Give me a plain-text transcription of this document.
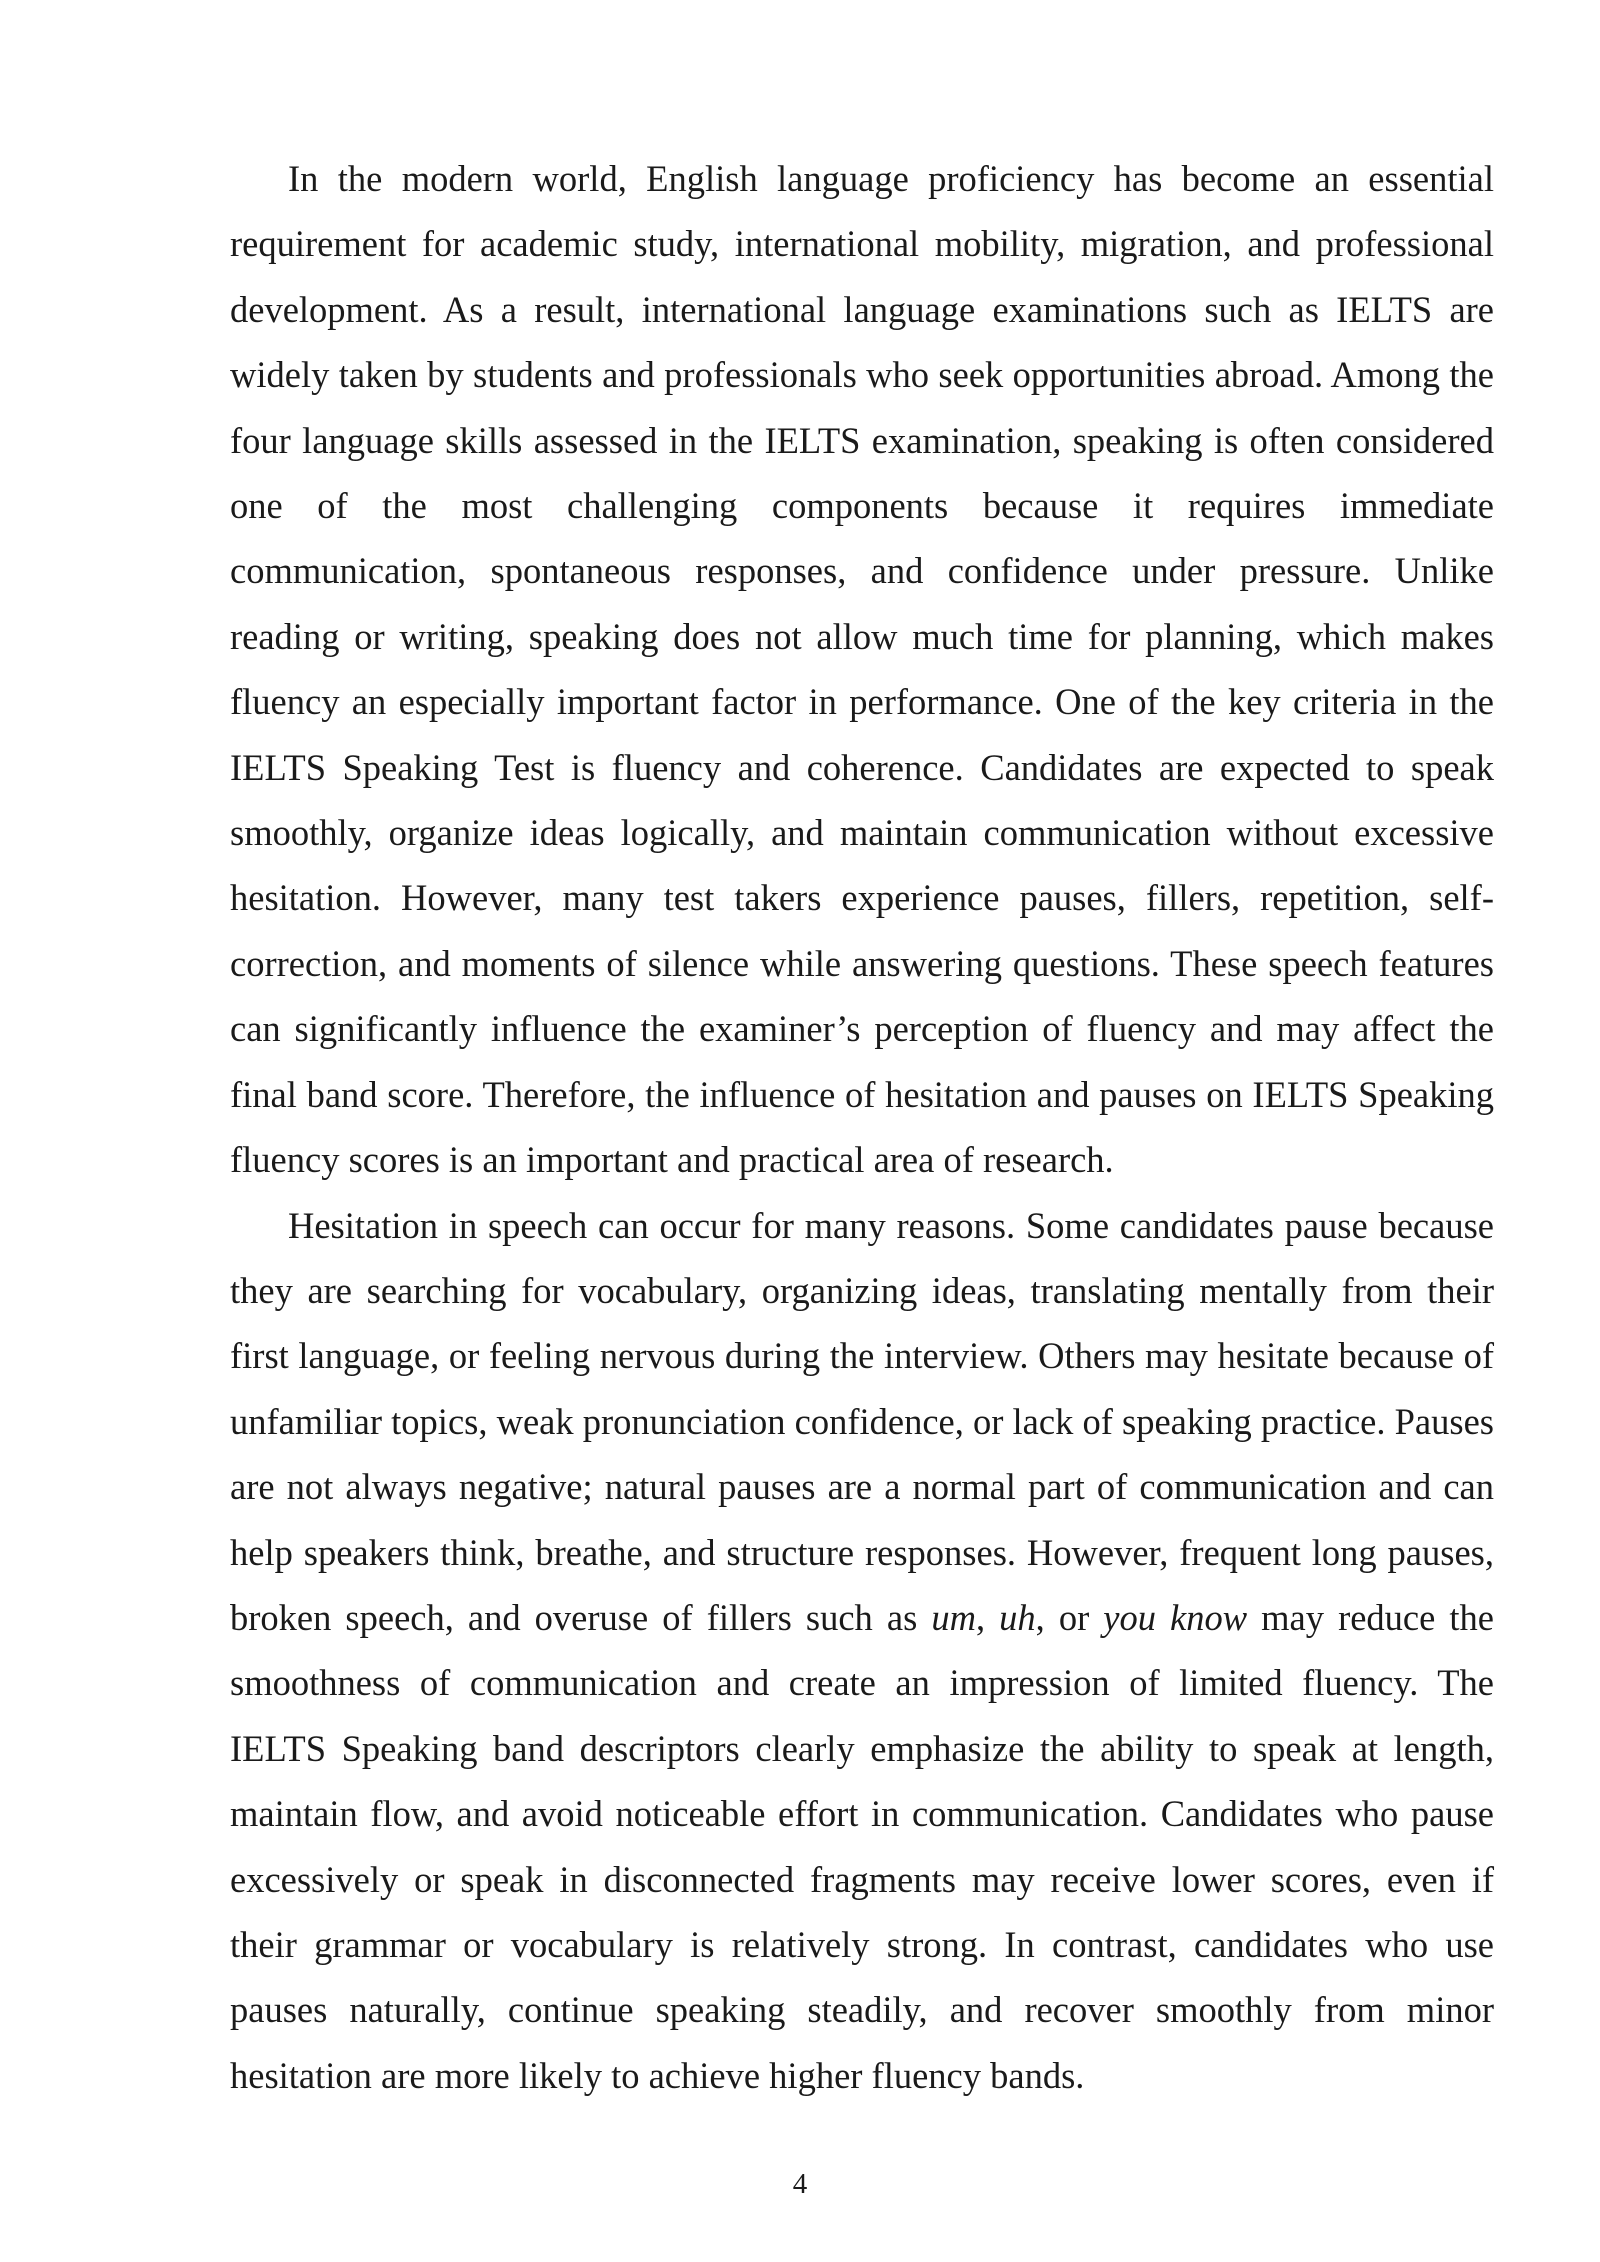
In the modern world, English language proficiency has become an essential requirement for academic study, international mobility, migration, and professional development. As a result, international language examinations such as IELTS are widely taken by students and professionals who seek opportunities abroad. Among the four language skills assessed in the IELTS examination, speaking is often considered one of the most challenging components because it requires immediate communication, spontaneous responses, and confidence under pressure. Unlike reading or writing, speaking does not allow much time for planning, which makes fluency an especially important factor in performance. One of the key criteria in the IELTS Speaking Test is fluency and coherence. Candidates are expected to speak smoothly, organize ideas logically, and maintain communication without excessive hesitation. However, many test takers experience pauses, fillers, repetition, self-correction, and moments of silence while answering questions. These speech features can significantly influence the examiner’s perception of fluency and may affect the final band score. Therefore, the influence of hesitation and pauses on IELTS Speaking fluency scores is an important and practical area of research.

Hesitation in speech can occur for many reasons. Some candidates pause because they are searching for vocabulary, organizing ideas, translating mentally from their first language, or feeling nervous during the interview. Others may hesitate because of unfamiliar topics, weak pronunciation confidence, or lack of speaking practice. Pauses are not always negative; natural pauses are a normal part of communication and can help speakers think, breathe, and structure responses. However, frequent long pauses, broken speech, and overuse of fillers such as um, uh, or you know may reduce the smoothness of communication and create an impression of limited fluency. The IELTS Speaking band descriptors clearly emphasize the ability to speak at length, maintain flow, and avoid noticeable effort in communication. Candidates who pause excessively or speak in disconnected fragments may receive lower scores, even if their grammar or vocabulary is relatively strong. In contrast, candidates who use pauses naturally, continue speaking steadily, and recover smoothly from minor hesitation are more likely to achieve higher fluency bands.

4
